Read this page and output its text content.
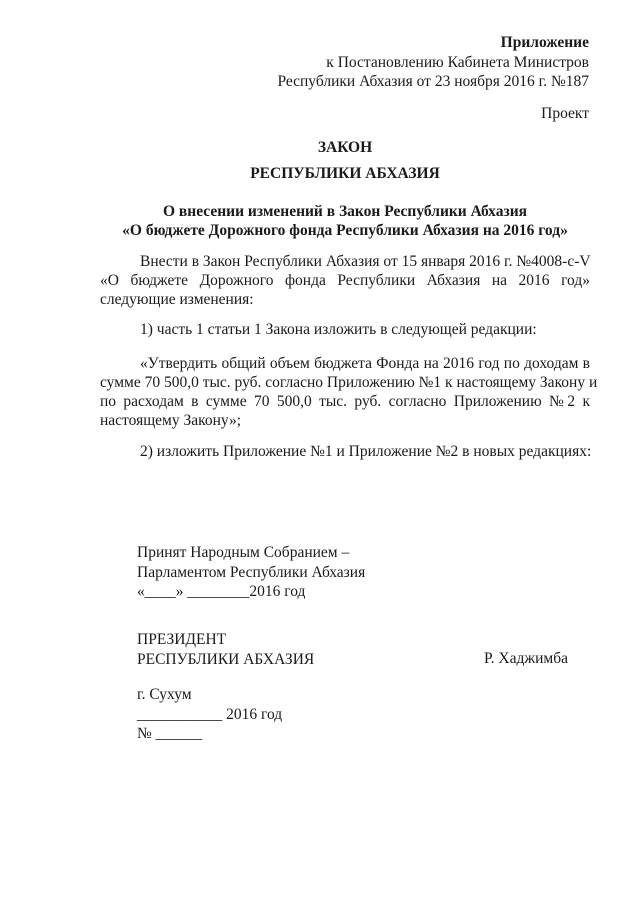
Приложение
к Постановлению Кабинета Министров
Республики Абхазия от 23 ноября 2016 г. №187
Проект
ЗАКОН
РЕСПУБЛИКИ АБХАЗИЯ
О внесении изменений в Закон Республики Абхазия
«О бюджете Дорожного фонда Республики Абхазия на 2016 год»
Внести в Закон Республики Абхазия от 15 января 2016 г. №4008-с-V
«О бюджете Дорожного фонда Республики Абхазия на 2016 год»
следующие изменения:
1) часть 1 статьи 1 Закона изложить в следующей редакции:
«Утвердить общий объем бюджета Фонда на 2016 год по доходам в
сумме 70 500,0 тыс. руб. согласно Приложению №1 к настоящему Закону и
по расходам в сумме 70 500,0 тыс. руб. согласно Приложению №2 к
настоящему Закону»;
2) изложить Приложение №1 и Приложение №2 в новых редакциях:
Принят Народным Собранием –
Парламентом Республики Абхазия
«____» ________2016 год
ПРЕЗИДЕНТ
РЕСПУБЛИКИ АБХАЗИЯ	Р. Хаджимба
г. Сухум
___________ 2016 год
№ ______
